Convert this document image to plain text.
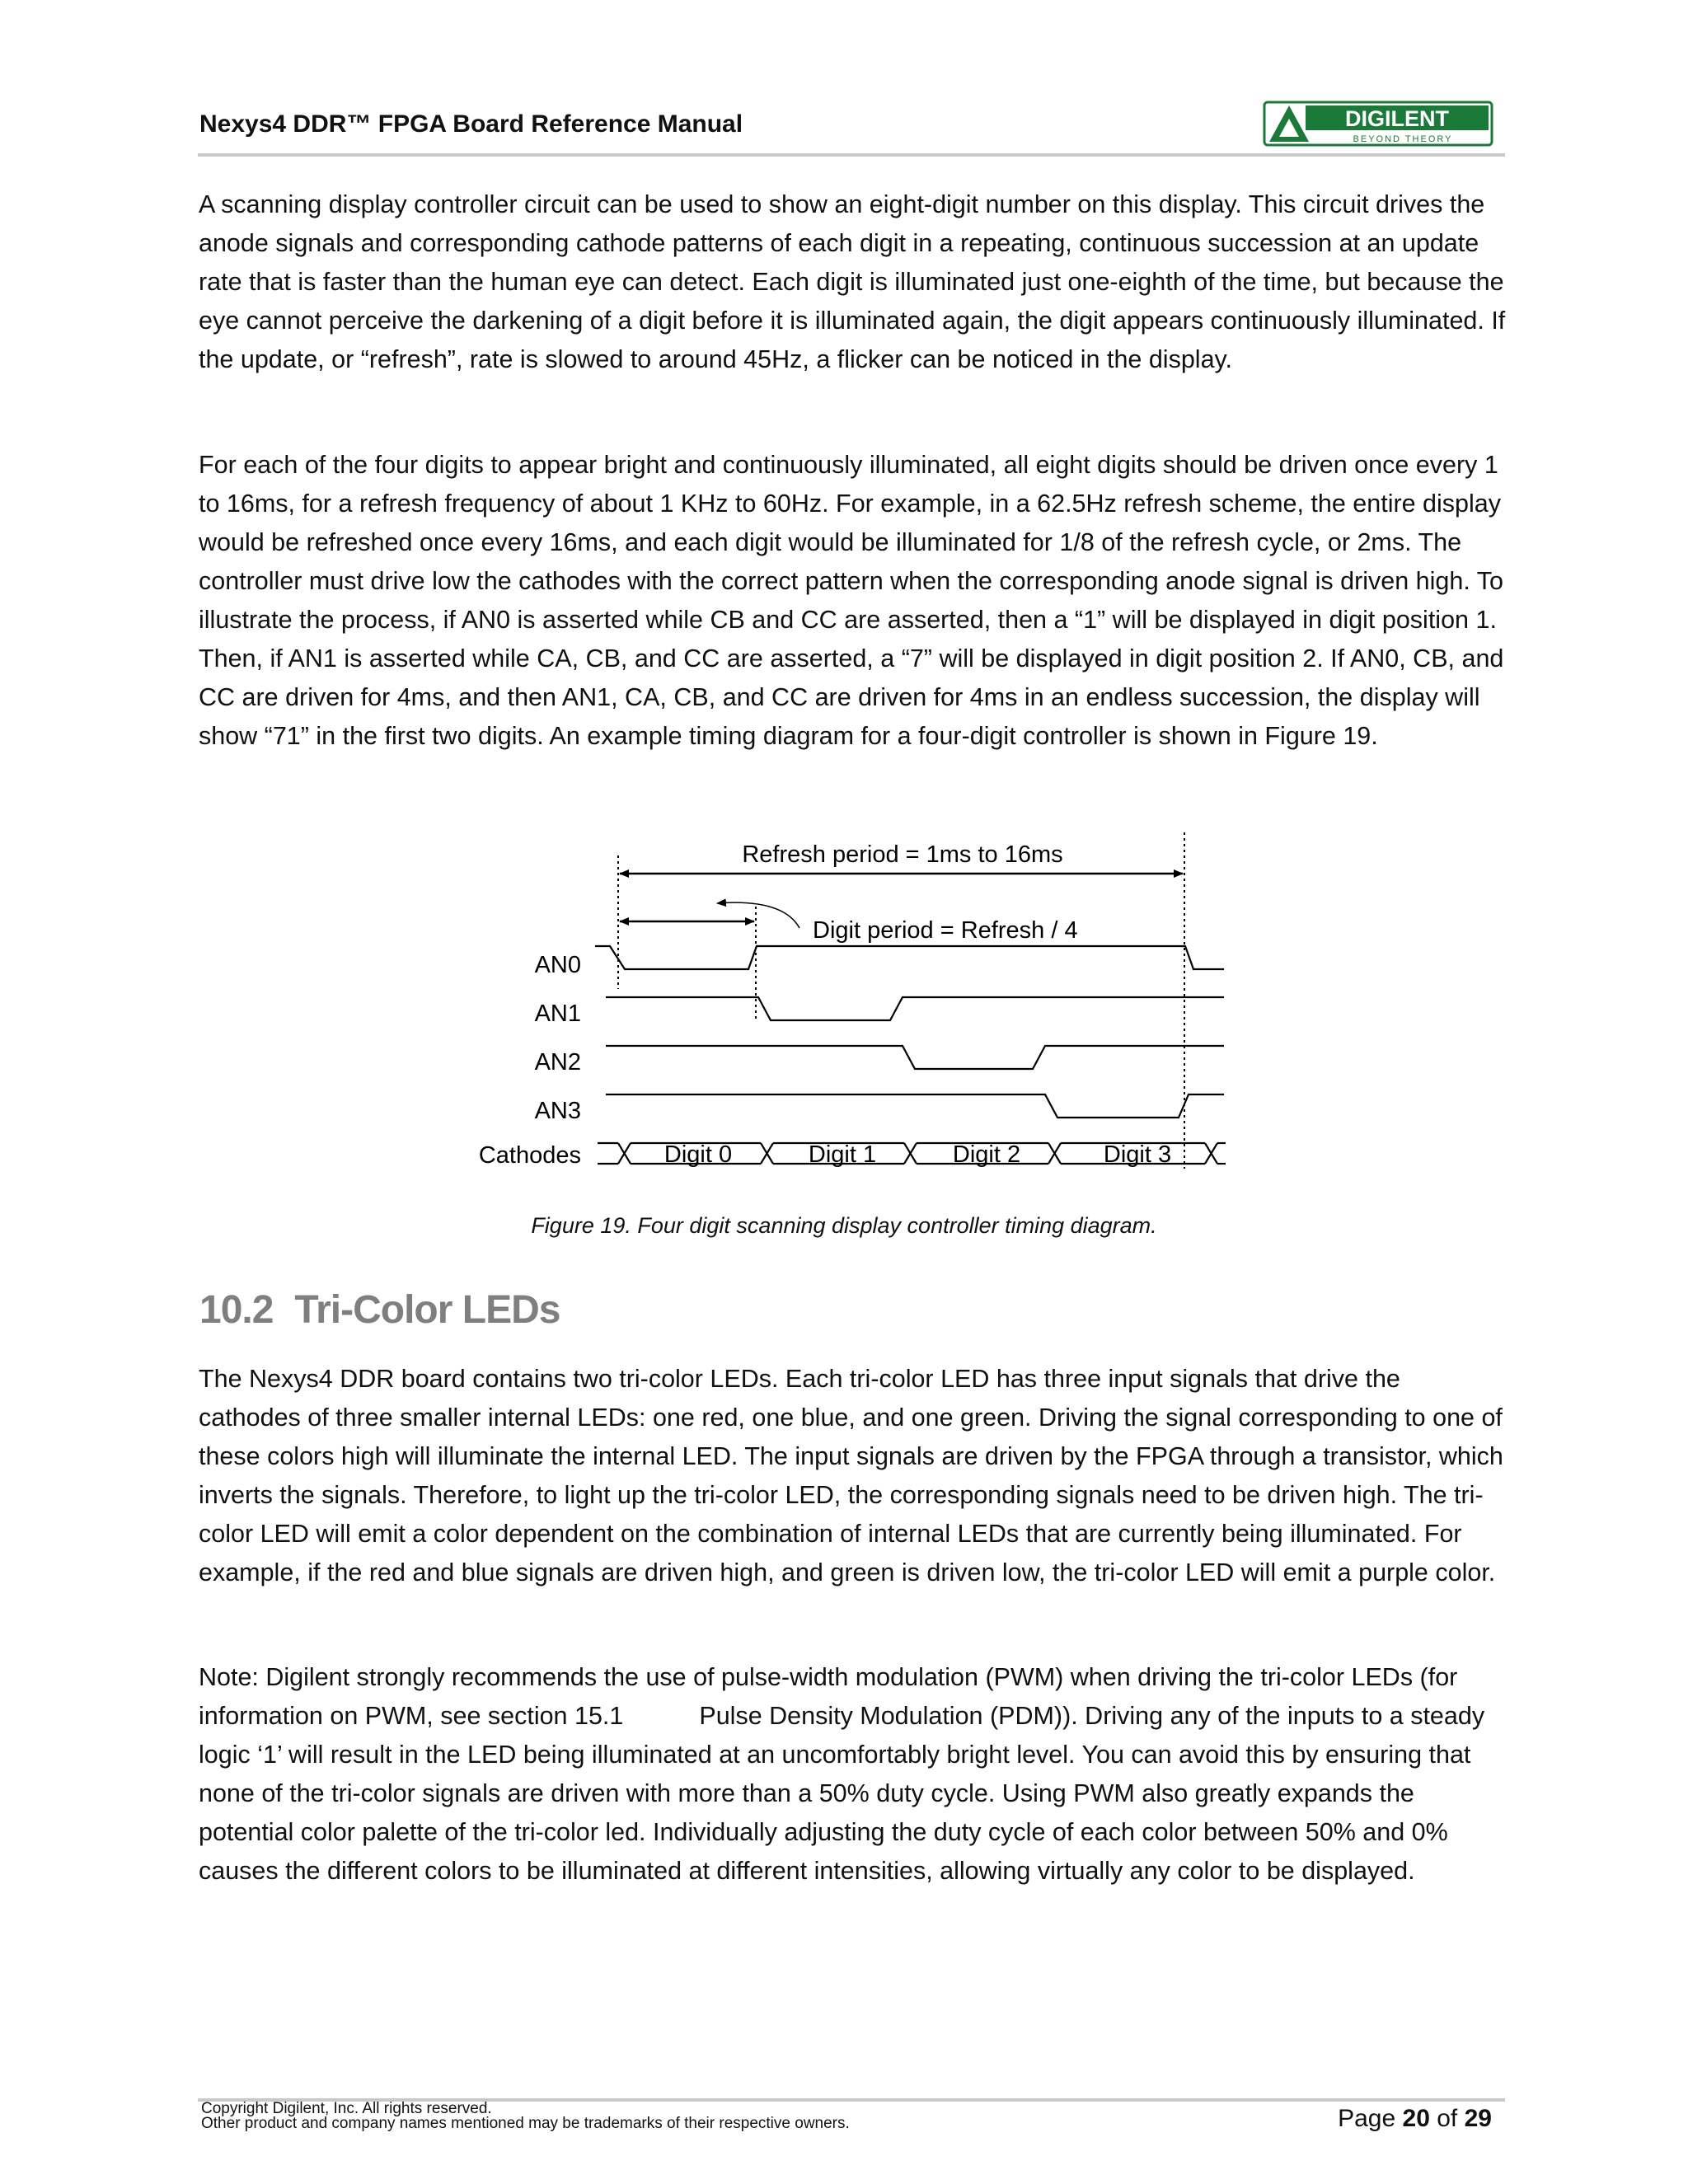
Nexys4 DDR™ FPGA Board Reference Manual	DIGILENT
BEYOND THEORY

A scanning display controller circuit can be used to show an eight-digit number on this display. This circuit drives the anode signals and corresponding cathode patterns of each digit in a repeating, continuous succession at an update rate that is faster than the human eye can detect. Each digit is illuminated just one-eighth of the time, but because the eye cannot perceive the darkening of a digit before it is illuminated again, the digit appears continuously illuminated. If the update, or “refresh”, rate is slowed to around 45Hz, a flicker can be noticed in the display.

For each of the four digits to appear bright and continuously illuminated, all eight digits should be driven once every 1 to 16ms, for a refresh frequency of about 1 KHz to 60Hz. For example, in a 62.5Hz refresh scheme, the entire display would be refreshed once every 16ms, and each digit would be illuminated for 1/8 of the refresh cycle, or 2ms. The controller must drive low the cathodes with the correct pattern when the corresponding anode signal is driven high. To illustrate the process, if AN0 is asserted while CB and CC are asserted, then a “1” will be displayed in digit position 1. Then, if AN1 is asserted while CA, CB, and CC are asserted, a “7” will be displayed in digit position 2. If AN0, CB, and CC are driven for 4ms, and then AN1, CA, CB, and CC are driven for 4ms in an endless succession, the display will show “71” in the first two digits. An example timing diagram for a four-digit controller is shown in Figure 19.

Refresh period = 1ms to 16ms
Digit period = Refresh / 4
AN0
AN1
AN2
AN3
Cathodes	Digit 0	Digit 1	Digit 2	Digit 3
Figure 19. Four digit scanning display controller timing diagram.
10.2 Tri-Color LEDs

The Nexys4 DDR board contains two tri-color LEDs. Each tri-color LED has three input signals that drive the cathodes of three smaller internal LEDs: one red, one blue, and one green. Driving the signal corresponding to one of these colors high will illuminate the internal LED. The input signals are driven by the FPGA through a transistor, which inverts the signals. Therefore, to light up the tri-color LED, the corresponding signals need to be driven high. The tri-color LED will emit a color dependent on the combination of internal LEDs that are currently being illuminated. For example, if the red and blue signals are driven high, and green is driven low, the tri-color LED will emit a purple color.

Note: Digilent strongly recommends the use of pulse-width modulation (PWM) when driving the tri-color LEDs (for information on PWM, see section 15.1	Pulse Density Modulation (PDM)). Driving any of the inputs to a steady logic ‘1’ will result in the LED being illuminated at an uncomfortably bright level. You can avoid this by ensuring that none of the tri-color signals are driven with more than a 50% duty cycle. Using PWM also greatly expands the potential color palette of the tri-color led. Individually adjusting the duty cycle of each color between 50% and 0% causes the different colors to be illuminated at different intensities, allowing virtually any color to be displayed.

Copyright Digilent, Inc. All rights reserved.
Other product and company names mentioned may be trademarks of their respective owners.	Page 20 of 29
